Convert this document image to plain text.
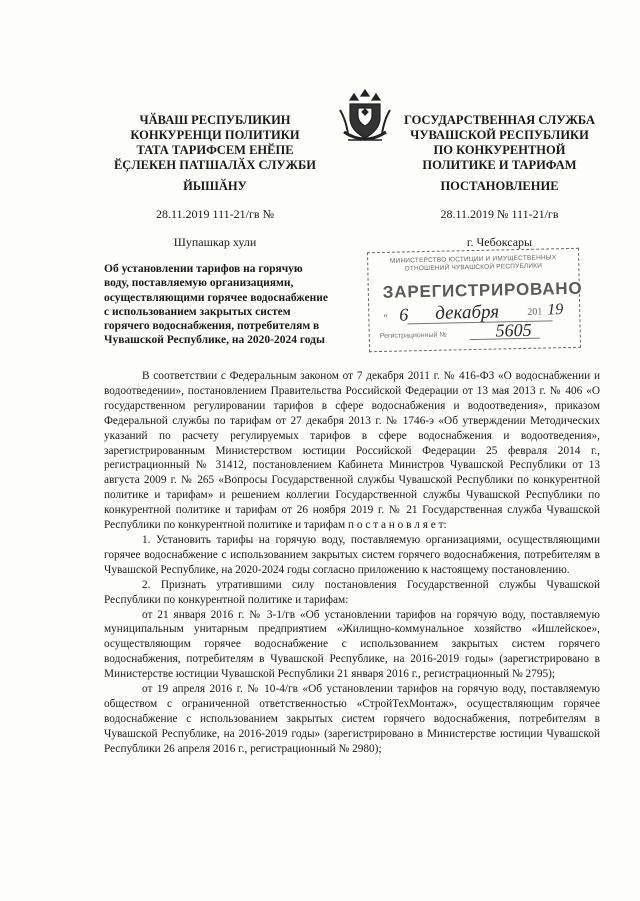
ЧӐВАШ РЕСПУБЛИКИН
КОНКУРЕНЦИ ПОЛИТИКИ
ТАТА ТАРИФСЕМ ЕНӖПЕ
ӖҪЛЕКЕН ПАТШАЛӐХ СЛУЖБИ
ГОСУДАРСТВЕННАЯ СЛУЖБА
ЧУВАШСКОЙ РЕСПУБЛИКИ
ПО КОНКУРЕНТНОЙ
ПОЛИТИКЕ И ТАРИФАМ
ЙЫШӐНУ	ПОСТАНОВЛЕНИЕ
28.11.2019 111-21/гв №	28.11.2019 № 111-21/гв
Шупашкар хули	г. Чебоксары
Об установлении тарифов на горячую
воду, поставляемую организациями,
осуществляющими горячее водоснабжение
с использованием закрытых систем
горячего водоснабжения, потребителям в
Чувашской Республике, на 2020-2024 годы
МИНИСТЕРСТВО ЮСТИЦИИ И ИМУЩЕСТВЕННЫХ ОТНОШЕНИЙ ЧУВАШСКОЙ РЕСПУБЛИКИ
ЗАРЕГИСТРИРОВАНО
« 6 декабря	201 19
Регистрационный №	5605

В соответствии с Федеральным законом от 7 декабря 2011 г. № 416-ФЗ «О водоснабжении и водоотведении», постановлением Правительства Российской Федерации от 13 мая 2013 г. № 406 «О государственном регулировании тарифов в сфере водоснабжения и водоотведения», приказом Федеральной службы по тарифам от 27 декабря 2013 г. № 1746-э «Об утверждении Методических указаний по расчету регулируемых тарифов в сфере водоснабжения и водоотведения», зарегистрированным Министерством юстиции Российской Федерации 25 февраля 2014 г., регистрационный № 31412, постановлением Кабинета Министров Чувашской Республики от 13 августа 2009 г. № 265 «Вопросы Государственной службы Чувашской Республики по конкурентной политике и тарифам» и решением коллегии Государственной службы Чувашской Республики по конкурентной политике и тарифам от 26 ноября 2019 г. № 21 Государственная служба Чувашской Республики по конкурентной политике и тарифам п о с т а н о в л я е т:

1. Установить тарифы на горячую воду, поставляемую организациями, осуществляющими горячее водоснабжение с использованием закрытых систем горячего водоснабжения, потребителям в Чувашской Республике, на 2020-2024 годы согласно приложению к настоящему постановлению.

2. Признать утратившими силу постановления Государственной службы Чувашской Республики по конкурентной политике и тарифам:

от 21 января 2016 г. № 3-1/гв «Об установлении тарифов на горячую воду, поставляемую муниципальным унитарным предприятием «Жилищно-коммунальное хозяйство «Ишлейское», осуществляющим горячее водоснабжение с использованием закрытых систем горячего водоснабжения, потребителям в Чувашской Республике, на 2016-2019 годы» (зарегистрировано в Министерстве юстиции Чувашской Республики 21 января 2016 г., регистрационный № 2795);

от 19 апреля 2016 г. № 10-4/гв «Об установлении тарифов на горячую воду, поставляемую обществом с ограниченной ответственностью «СтройТехМонтаж», осуществляющим горячее водоснабжение с использованием закрытых систем горячего водоснабжения, потребителям в Чувашской Республике, на 2016-2019 годы» (зарегистрировано в Министерстве юстиции Чувашской Республики 26 апреля 2016 г., регистрационный № 2980);
